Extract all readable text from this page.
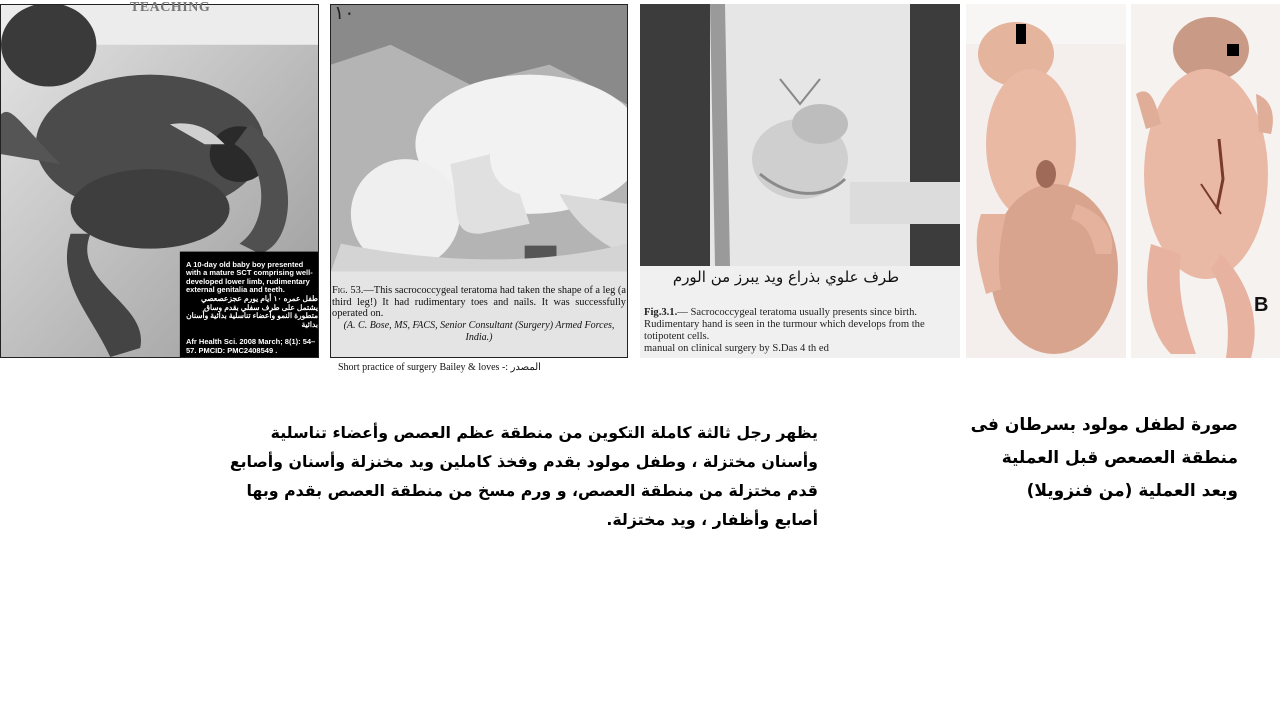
TEACHING

A 10-day old baby boy presented with a mature SCT comprising well-developed lower limb, rudimentary external genitalia and teeth.

طفل عمره ١٠ أيام يورم عجزعصعصي يشتمل على طرف سفلي بقدم وساق متطورة النمو وأعضاء تناسلية بدائية وأسنان بدائية

Afr Health Sci. 2008 March; 8(1): 54–57. PMCID: PMC2408549 .

١٠

Fig. 53.—This sacrococcygeal teratoma had taken the shape of a leg (a third leg!) It had rudimentary toes and nails. It was successfully operated on.

(A. C. Bose, MS, FACS, Senior Consultant (Surgery) Armed Forces, India.)

Short practice of surgery Bailey & loves -: المصدر

طرف علوي بذراع ويد يبرز من الورم

Fig.3.1.— Sacrococcygeal teratoma usually presents since birth. Rudimentary hand is seen in the turmour which develops from the totipotent cells.
manual on clinical surgery by S.Das 4 th ed

B

يظهر رجل ثالثة كاملة التكوين من منطقة عظم العصص وأعضاء تناسلية وأسنان مختزلة ، وطفل مولود بقدم وفخذ كاملين ويد مخنزلة وأسنان وأصابع قدم مختزلة من منطقة العصص، و ورم مسخ من منطقة العصص بقدم وبها أصابع وأظفار ، ويد مختزلة.

صورة لطفل مولود بسرطان فى منطقة العصعص قبل العملية وبعد العملية (من فنزويلا)
